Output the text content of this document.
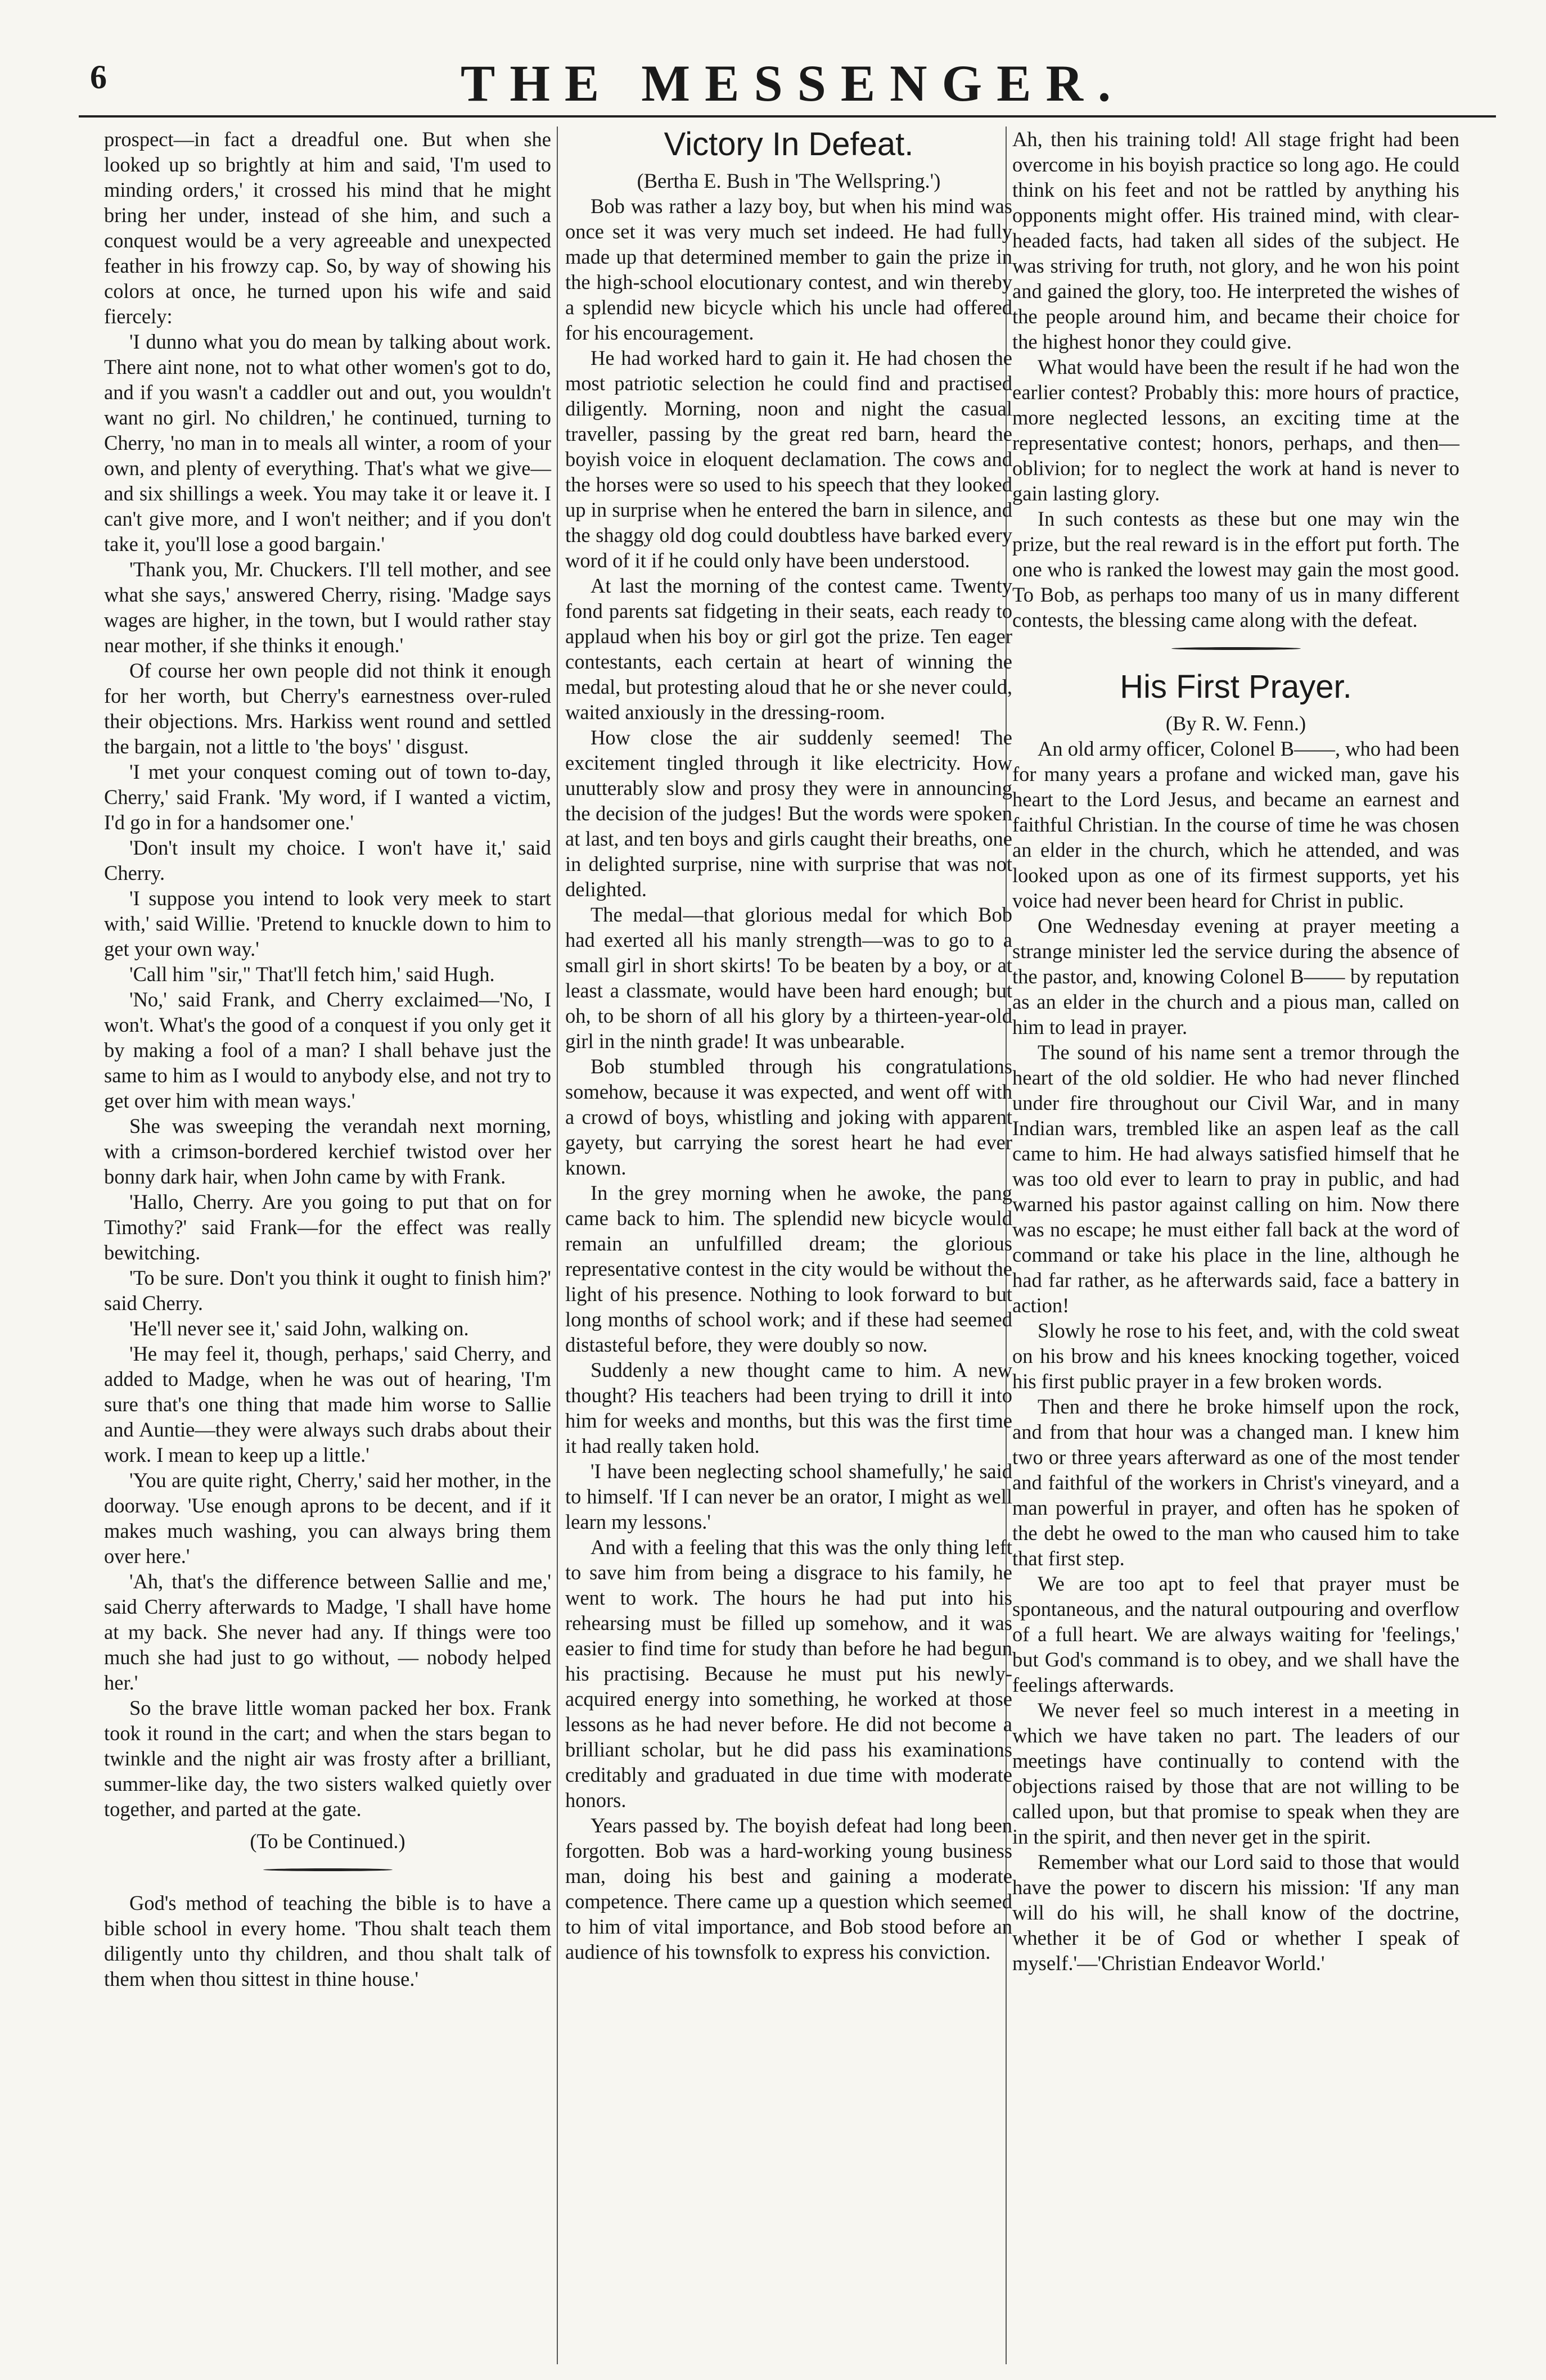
6	THE MESSENGER.

prospect—in fact a dreadful one. But when she looked up so brightly at him and said, 'I'm used to minding orders,' it crossed his mind that he might bring her under, instead of she him, and such a conquest would be a very agreeable and unexpected feather in his frowzy cap. So, by way of showing his colors at once, he turned upon his wife and said fiercely:

'I dunno what you do mean by talking about work. There aint none, not to what other women's got to do, and if you wasn't a caddler out and out, you wouldn't want no girl. No children,' he continued, turning to Cherry, 'no man in to meals all winter, a room of your own, and plenty of everything. That's what we give—and six shillings a week. You may take it or leave it. I can't give more, and I won't neither; and if you don't take it, you'll lose a good bargain.'

'Thank you, Mr. Chuckers. I'll tell mother, and see what she says,' answered Cherry, rising. 'Madge says wages are higher, in the town, but I would rather stay near mother, if she thinks it enough.'

Of course her own people did not think it enough for her worth, but Cherry's earnestness over-ruled their objections. Mrs. Harkiss went round and settled the bargain, not a little to 'the boys' ' disgust.

'I met your conquest coming out of town to-day, Cherry,' said Frank. 'My word, if I wanted a victim, I'd go in for a handsomer one.'

'Don't insult my choice. I won't have it,' said Cherry.

'I suppose you intend to look very meek to start with,' said Willie. 'Pretend to knuckle down to him to get your own way.'

'Call him "sir," That'll fetch him,' said Hugh.

'No,' said Frank, and Cherry exclaimed—'No, I won't. What's the good of a conquest if you only get it by making a fool of a man? I shall behave just the same to him as I would to anybody else, and not try to get over him with mean ways.'

She was sweeping the verandah next morning, with a crimson-bordered kerchief twistod over her bonny dark hair, when John came by with Frank.

'Hallo, Cherry. Are you going to put that on for Timothy?' said Frank—for the effect was really bewitching.

'To be sure. Don't you think it ought to finish him?' said Cherry.

'He'll never see it,' said John, walking on.

'He may feel it, though, perhaps,' said Cherry, and added to Madge, when he was out of hearing, 'I'm sure that's one thing that made him worse to Sallie and Auntie—they were always such drabs about their work. I mean to keep up a little.'

'You are quite right, Cherry,' said her mother, in the doorway. 'Use enough aprons to be decent, and if it makes much washing, you can always bring them over here.'

'Ah, that's the difference between Sallie and me,' said Cherry afterwards to Madge, 'I shall have home at my back. She never had any. If things were too much she had just to go without, — nobody helped her.'

So the brave little woman packed her box. Frank took it round in the cart; and when the stars began to twinkle and the night air was frosty after a brilliant, summer-like day, the two sisters walked quietly over together, and parted at the gate.

(To be Continued.)

God's method of teaching the bible is to have a bible school in every home. 'Thou shalt teach them diligently unto thy children, and thou shalt talk of them when thou sittest in thine house.'

Victory In Defeat.

(Bertha E. Bush in 'The Wellspring.')

Bob was rather a lazy boy, but when his mind was once set it was very much set indeed. He had fully made up that determined member to gain the prize in the high-school elocutionary contest, and win thereby a splendid new bicycle which his uncle had offered for his encouragement.

He had worked hard to gain it. He had chosen the most patriotic selection he could find and practised diligently. Morning, noon and night the casual traveller, passing by the great red barn, heard the boyish voice in eloquent declamation. The cows and the horses were so used to his speech that they looked up in surprise when he entered the barn in silence, and the shaggy old dog could doubtless have barked every word of it if he could only have been understood.

At last the morning of the contest came. Twenty fond parents sat fidgeting in their seats, each ready to applaud when his boy or girl got the prize. Ten eager contestants, each certain at heart of winning the medal, but protesting aloud that he or she never could, waited anxiously in the dressing-room.

How close the air suddenly seemed! The excitement tingled through it like electricity. How unutterably slow and prosy they were in announcing the decision of the judges! But the words were spoken at last, and ten boys and girls caught their breaths, one in delighted surprise, nine with surprise that was not delighted.

The medal—that glorious medal for which Bob had exerted all his manly strength—was to go to a small girl in short skirts! To be beaten by a boy, or at least a classmate, would have been hard enough; but oh, to be shorn of all his glory by a thirteen-year-old girl in the ninth grade! It was unbearable.

Bob stumbled through his congratulations somehow, because it was expected, and went off with a crowd of boys, whistling and joking with apparent gayety, but carrying the sorest heart he had ever known.

In the grey morning when he awoke, the pang came back to him. The splendid new bicycle would remain an unfulfilled dream; the glorious representative contest in the city would be without the light of his presence. Nothing to look forward to but long months of school work; and if these had seemed distasteful before, they were doubly so now.

Suddenly a new thought came to him. A new thought? His teachers had been trying to drill it into him for weeks and months, but this was the first time it had really taken hold.

'I have been neglecting school shamefully,' he said to himself. 'If I can never be an orator, I might as well learn my lessons.'

And with a feeling that this was the only thing left to save him from being a disgrace to his family, he went to work. The hours he had put into his rehearsing must be filled up somehow, and it was easier to find time for study than before he had begun his practising. Because he must put his newly-acquired energy into something, he worked at those lessons as he had never before. He did not become a brilliant scholar, but he did pass his examinations creditably and graduated in due time with moderate honors.

Years passed by. The boyish defeat had long been forgotten. Bob was a hard-working young business man, doing his best and gaining a moderate competence. There came up a question which seemed to him of vital importance, and Bob stood before an audience of his townsfolk to express his conviction.

Ah, then his training told! All stage fright had been overcome in his boyish practice so long ago. He could think on his feet and not be rattled by anything his opponents might offer. His trained mind, with clear-headed facts, had taken all sides of the subject. He was striving for truth, not glory, and he won his point and gained the glory, too. He interpreted the wishes of the people around him, and became their choice for the highest honor they could give.

What would have been the result if he had won the earlier contest? Probably this: more hours of practice, more neglected lessons, an exciting time at the representative contest; honors, perhaps, and then—oblivion; for to neglect the work at hand is never to gain lasting glory.

In such contests as these but one may win the prize, but the real reward is in the effort put forth. The one who is ranked the lowest may gain the most good. To Bob, as perhaps too many of us in many different contests, the blessing came along with the defeat.

His First Prayer.

(By R. W. Fenn.)

An old army officer, Colonel B——, who had been for many years a profane and wicked man, gave his heart to the Lord Jesus, and became an earnest and faithful Christian. In the course of time he was chosen an elder in the church, which he attended, and was looked upon as one of its firmest supports, yet his voice had never been heard for Christ in public.

One Wednesday evening at prayer meeting a strange minister led the service during the absence of the pastor, and, knowing Colonel B—— by reputation as an elder in the church and a pious man, called on him to lead in prayer.

The sound of his name sent a tremor through the heart of the old soldier. He who had never flinched under fire throughout our Civil War, and in many Indian wars, trembled like an aspen leaf as the call came to him. He had always satisfied himself that he was too old ever to learn to pray in public, and had warned his pastor against calling on him. Now there was no escape; he must either fall back at the word of command or take his place in the line, although he had far rather, as he afterwards said, face a battery in action!

Slowly he rose to his feet, and, with the cold sweat on his brow and his knees knocking together, voiced his first public prayer in a few broken words.

Then and there he broke himself upon the rock, and from that hour was a changed man. I knew him two or three years afterward as one of the most tender and faithful of the workers in Christ's vineyard, and a man powerful in prayer, and often has he spoken of the debt he owed to the man who caused him to take that first step.

We are too apt to feel that prayer must be spontaneous, and the natural outpouring and overflow of a full heart. We are always waiting for 'feelings,' but God's command is to obey, and we shall have the feelings afterwards.

We never feel so much interest in a meeting in which we have taken no part. The leaders of our meetings have continually to contend with the objections raised by those that are not willing to be called upon, but that promise to speak when they are in the spirit, and then never get in the spirit.

Remember what our Lord said to those that would have the power to discern his mission: 'If any man will do his will, he shall know of the doctrine, whether it be of God or whether I speak of myself.'—'Christian Endeavor World.'
